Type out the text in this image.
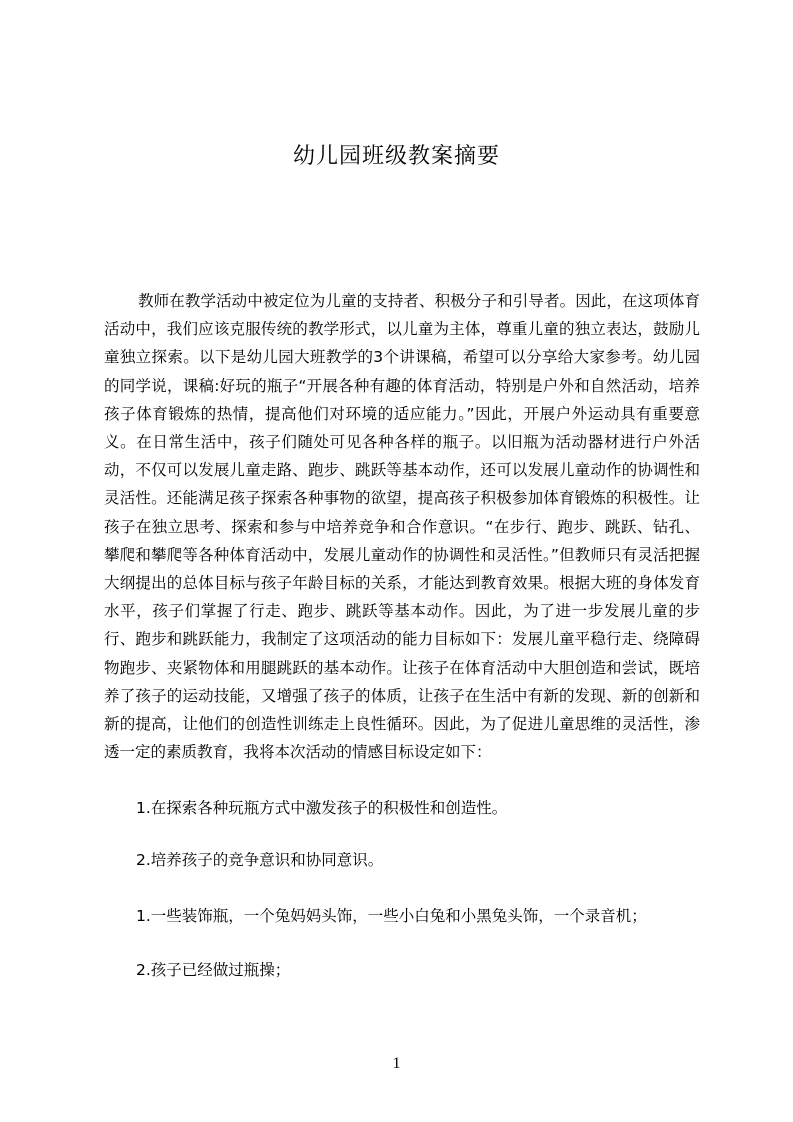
幼儿园班级教案摘要

教师在教学活动中被定位为儿童的支持者、积极分子和引导者。因此，在这项体育活动中，我们应该克服传统的教学形式，以儿童为主体，尊重儿童的独立表达，鼓励儿童独立探索。以下是幼儿园大班教学的3个讲课稿，希望可以分享给大家参考。幼儿园的同学说，课稿:好玩的瓶子“开展各种有趣的体育活动，特别是户外和自然活动，培养孩子体育锻炼的热情，提高他们对环境的适应能力。”因此，开展户外运动具有重要意义。在日常生活中，孩子们随处可见各种各样的瓶子。以旧瓶为活动器材进行户外活动，不仅可以发展儿童走路、跑步、跳跃等基本动作，还可以发展儿童动作的协调性和灵活性。还能满足孩子探索各种事物的欲望，提高孩子积极参加体育锻炼的积极性。让孩子在独立思考、探索和参与中培养竞争和合作意识。“在步行、跑步、跳跃、钻孔、攀爬和攀爬等各种体育活动中，发展儿童动作的协调性和灵活性。”但教师只有灵活把握大纲提出的总体目标与孩子年龄目标的关系，才能达到教育效果。根据大班的身体发育水平，孩子们掌握了行走、跑步、跳跃等基本动作。因此，为了进一步发展儿童的步行、跑步和跳跃能力，我制定了这项活动的能力目标如下：发展儿童平稳行走、绕障碍物跑步、夹紧物体和用腿跳跃的基本动作。让孩子在体育活动中大胆创造和尝试，既培养了孩子的运动技能，又增强了孩子的体质，让孩子在生活中有新的发现、新的创新和新的提高，让他们的创造性训练走上良性循环。因此，为了促进儿童思维的灵活性，渗透一定的素质教育，我将本次活动的情感目标设定如下：

1.在探索各种玩瓶方式中激发孩子的积极性和创造性。
2.培养孩子的竞争意识和协同意识。
1.一些装饰瓶，一个兔妈妈头饰，一些小白兔和小黑兔头饰，一个录音机；
2.孩子已经做过瓶操；
1
